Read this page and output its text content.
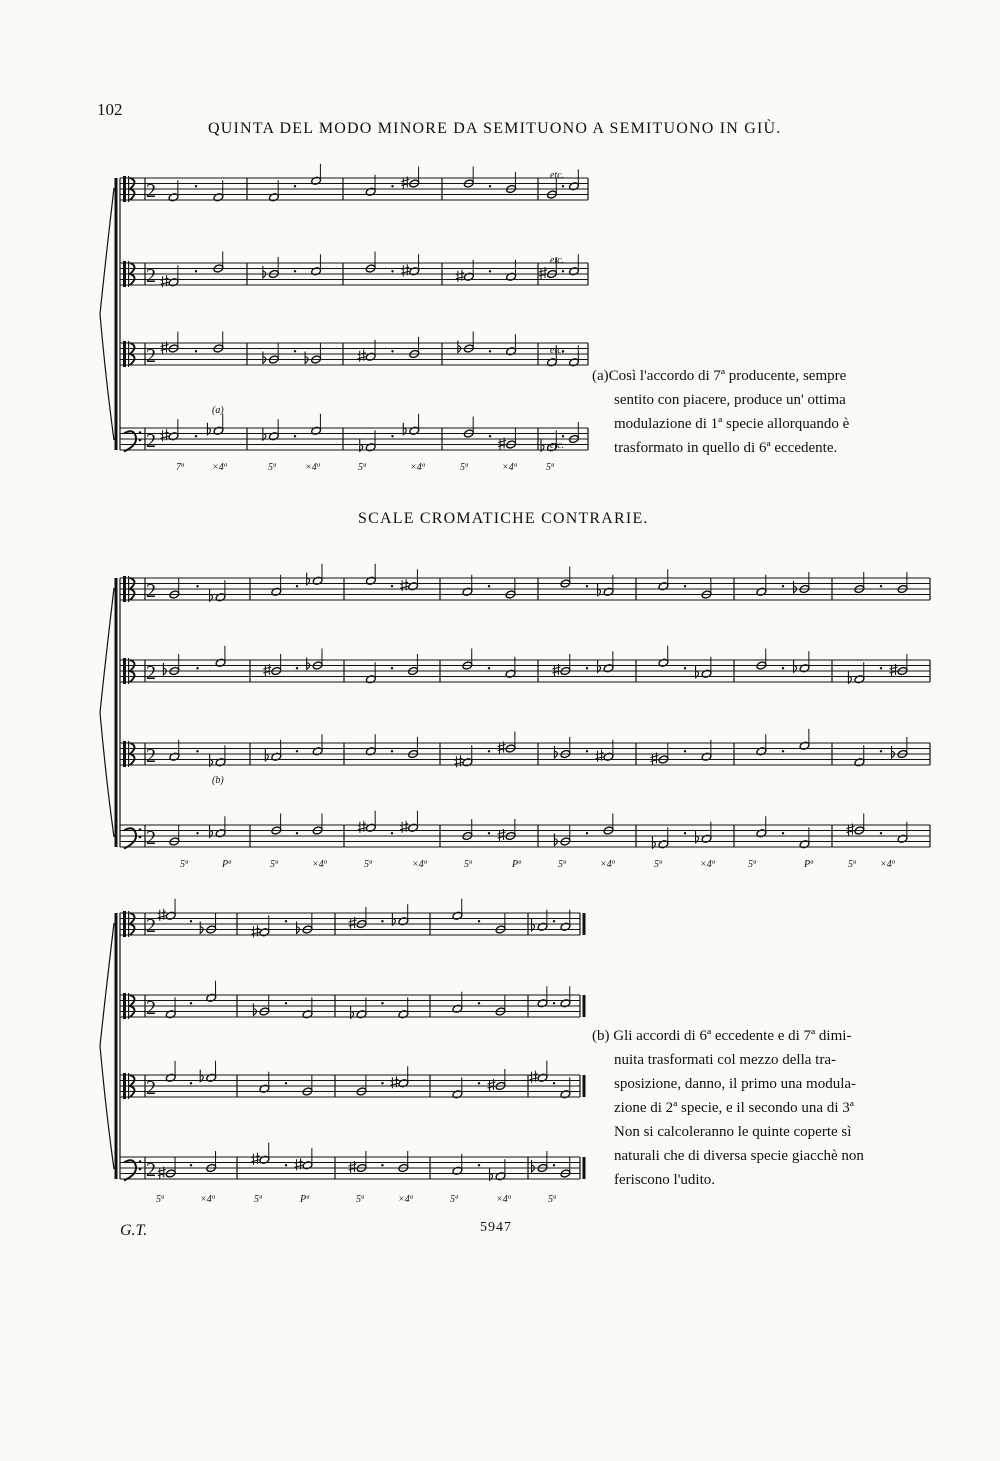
102
QUINTA DEL MODO MINORE DA SEMITUONO A SEMITUONO IN GIÙ.
SCALE CROMATICHE CONTRARIE.
2
2
2
2
etc.
etc.
etc.
etc.
(a)
7ª	×4ª	5ª	×4ª	5ª	×4ª	5ª	×4ª	5ª
(a)Così l'accordo di 7ª producente, sempre
sentito con piacere, produce un' ottima
modulazione di 1ª specie allorquando è
trasformato in quello di 6ª eccedente.
2
2
2
2
(b)
5ª	Pª	5ª	×4ª	5ª	×4ª	5ª	Pª	5ª	×4ª	5ª	×4ª	5ª	Pª	5ª ×4ª
2
2
2
2
5ª	×4ª	5ª	Pª	5ª	×4ª	5ª	×4ª	5ª
(b) Gli accordi di 6ª eccedente e di 7ª dimi-
nuita trasformati col mezzo della tra-
sposizione, danno, il primo una modula-
zione di 2ª specie, e il secondo una di 3ª
Non si calcoleranno le quinte coperte sì
naturali che di diversa specie giacchè non
feriscono l'udito.
G.T.	5947
